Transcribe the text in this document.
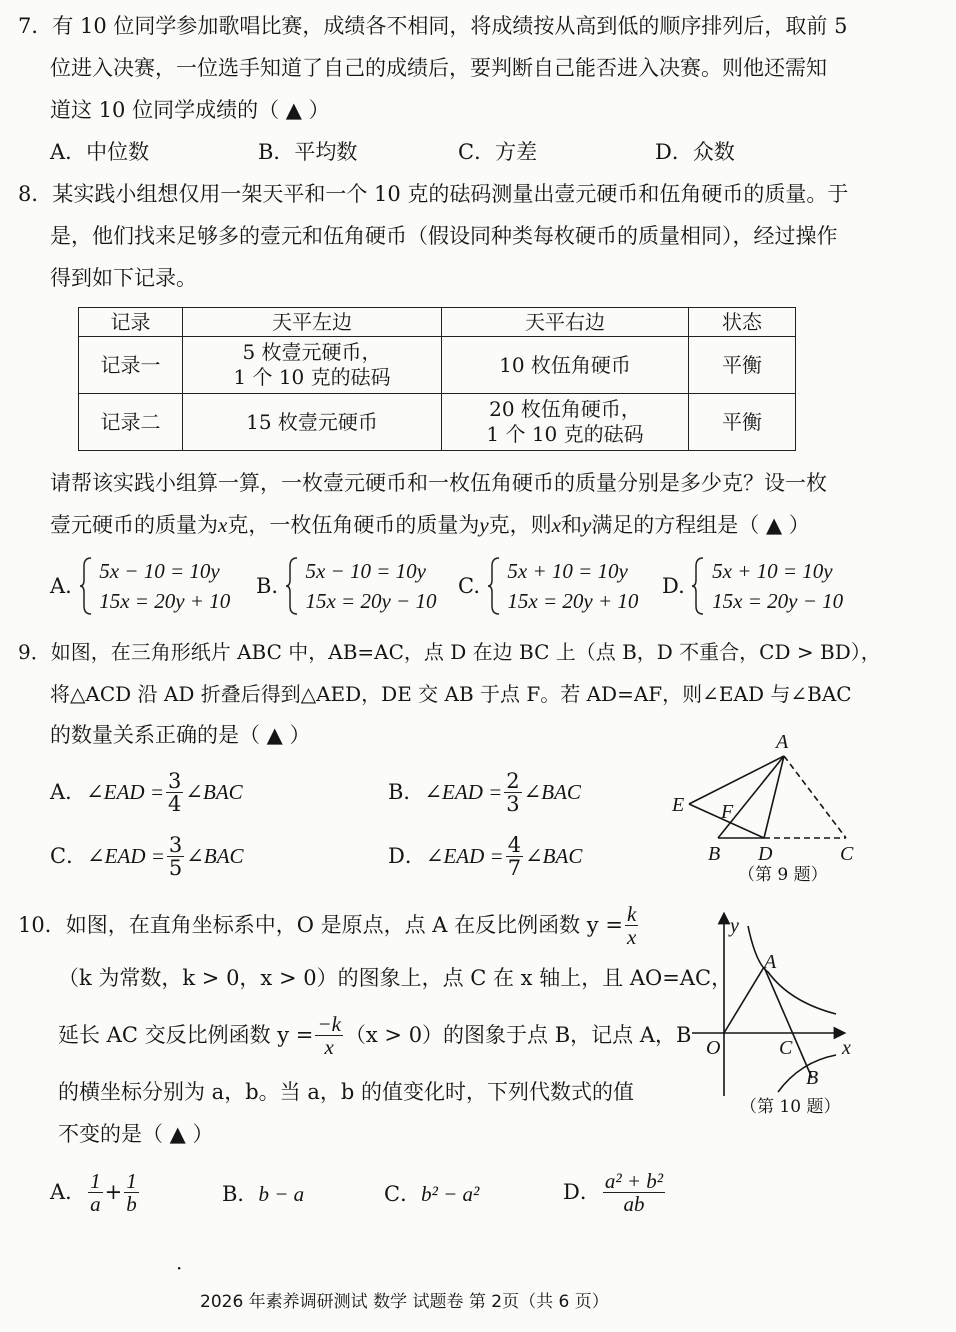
7．有 10 位同学参加歌唱比赛，成绩各不相同，将成绩按从高到低的顺序排列后，取前 5
位进入决赛，一位选手知道了自己的成绩后，要判断自己能否进入决赛。则他还需知
道这 10 位同学成绩的（ ▲ ）
A．中位数	B．平均数	C．方差	D．众数
8．某实践小组想仅用一架天平和一个 10 克的砝码测量出壹元硬币和伍角硬币的质量。于
是，他们找来足够多的壹元和伍角硬币（假设同种类每枚硬币的质量相同），经过操作
得到如下记录。
记录	天平左边	天平右边	状态
记录一	5 枚壹元硬币，
1 个 10 克的砝码	10 枚伍角硬币	平衡
记录二	15 枚壹元硬币	20 枚伍角硬币，
1 个 10 克的砝码	平衡
请帮该实践小组算一算，一枚壹元硬币和一枚伍角硬币的质量分别是多少克？设一枚
壹元硬币的质量为x克，一枚伍角硬币的质量为y克，则x和y满足的方程组是（ ▲ ）
A.
5x − 10 = 10y
15x = 20y + 10
B.
5x − 10 = 10y
15x = 20y − 10
C.
5x + 10 = 10y
15x = 20y + 10
D.
5x + 10 = 10y
15x = 20y − 10
9．如图，在三角形纸片 ABC 中，AB=AC，点 D 在边 BC 上（点 B，D 不重合，CD > BD），
将△ACD 沿 AD 折叠后得到△AED，DE 交 AB 于点 F。若 AD=AF，则∠EAD 与∠BAC
的数量关系正确的是（ ▲ ）
A．∠EAD = $\frac{3}{4}$ ∠BAC	B．∠EAD = $\frac{2}{3}$ ∠BAC
C．∠EAD = $\frac{3}{5}$ ∠BAC	D．∠EAD = $\frac{4}{7}$ ∠BAC
A
E F
B D	C
（第 9 题）
10．如图，在直角坐标系中，O 是原点，点 A 在反比例函数 $y = \frac{k}{x}$
（k 为常数，k > 0，x > 0）的图象上，点 C 在 x 轴上，且 AO=AC，
延长 AC 交反比例函数 $y = \frac{-k}{x} (x > 0)$的图象于点 B，记点 A，B
的横坐标分别为 a，b。当 a，b 的值变化时，下列代数式的值
不变的是（ ▲ ）
A． $\frac{1}{a} + \frac{1}{b}$	B．b − a	C．b² − a²	D． $\frac{\text{a² + b²}}{ab}$
y
A
O	C x
B
（第 10 题）
·
2026 年素养调研测试 数学 试题卷 第 2页（共 6 页）
